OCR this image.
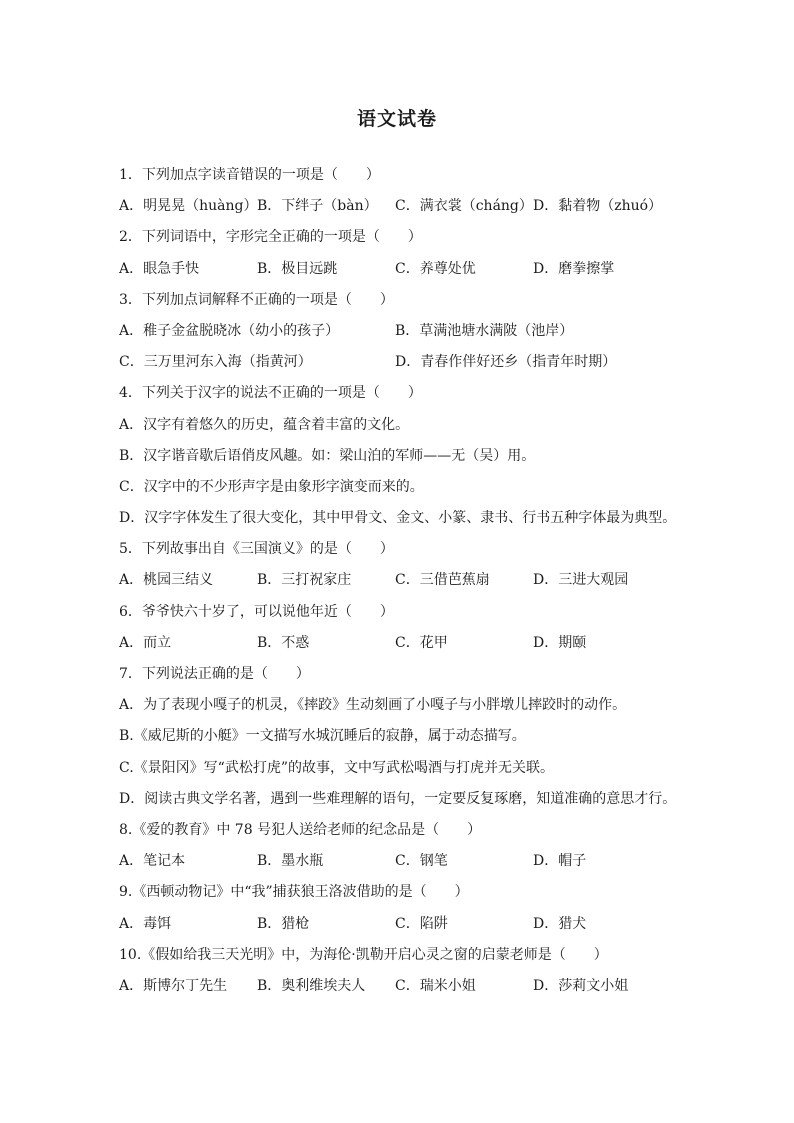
语文试卷
1．下列加点字读音错误的一项是（　　）
A．明晃晃（huàng） B．下绊子（bàn） C．满衣裳（cháng） D．黏着物（zhuó）
2．下列词语中，字形完全正确的一项是（　　）
A．眼急手快	B．极目远跳	C．养尊处优	D．磨拳擦掌
3．下列加点词解释不正确的一项是（　　）
A．稚子金盆脱晓冰（幼小的孩子）	B．草满池塘水满陂（池岸）
C．三万里河东入海（指黄河）	D．青春作伴好还乡（指青年时期）
4．下列关于汉字的说法不正确的一项是（　　）
A．汉字有着悠久的历史，蕴含着丰富的文化。
B．汉字谐音歇后语俏皮风趣。如：梁山泊的军师——无（吴）用。
C．汉字中的不少形声字是由象形字演变而来的。
D．汉字字体发生了很大变化，其中甲骨文、金文、小篆、隶书、行书五种字体最为典型。
5．下列故事出自《三国演义》的是（　　）
A．桃园三结义	B．三打祝家庄	C．三借芭蕉扇	D．三进大观园
6．爷爷快六十岁了，可以说他年近（　　）
A．而立	B．不惑	C．花甲	D．期颐
7．下列说法正确的是（　　）
A．为了表现小嘎子的机灵，《摔跤》生动刻画了小嘎子与小胖墩儿摔跤时的动作。
B.《威尼斯的小艇》一文描写水城沉睡后的寂静，属于动态描写。
C.《景阳冈》写“武松打虎”的故事，文中写武松喝酒与打虎并无关联。
D．阅读古典文学名著，遇到一些难理解的语句，一定要反复琢磨，知道准确的意思才行。
8.《爱的教育》中 78 号犯人送给老师的纪念品是（　　）
A．笔记本	B．墨水瓶	C．钢笔	D．帽子
9.《西顿动物记》中“我”捕获狼王洛波借助的是（　　）
A．毒饵	B．猎枪	C．陷阱	D．猎犬
10.《假如给我三天光明》中，为海伦·凯勒开启心灵之窗的启蒙老师是（　　）
A．斯博尔丁先生 B．奥利维埃夫人 C．瑞米小姐	D．莎莉文小姐
